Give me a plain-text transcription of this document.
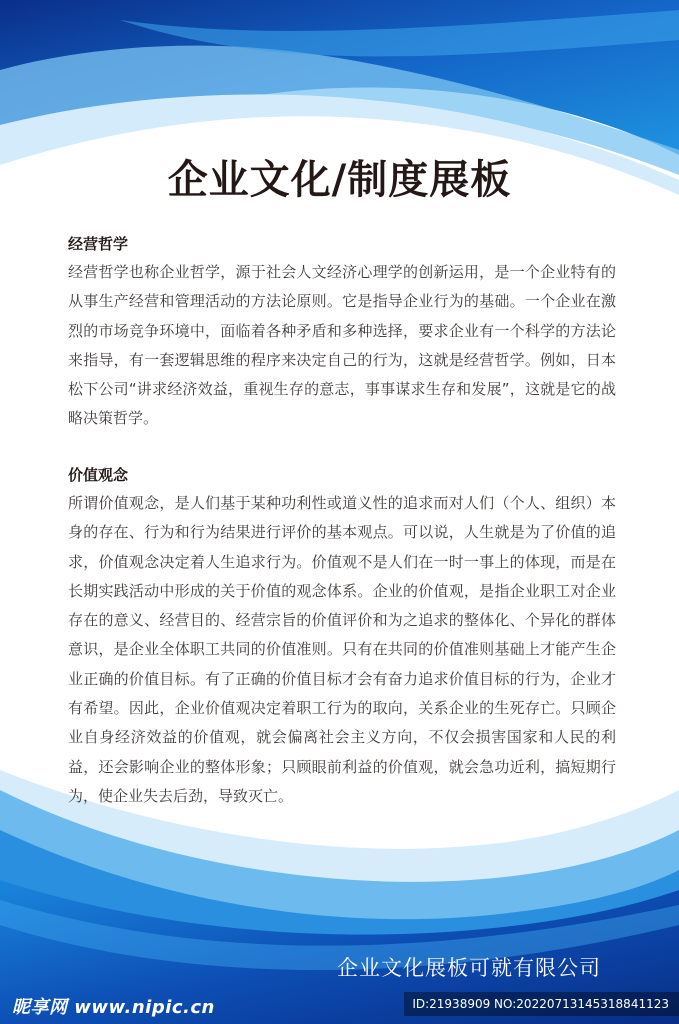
企业文化/制度展板
经营哲学

经营哲学也称企业哲学，源于社会人文经济心理学的创新运用，是一个企业特有的从事生产经营和管理活动的方法论原则。它是指导企业行为的基础。一个企业在激烈的市场竞争环境中，面临着各种矛盾和多种选择，要求企业有一个科学的方法论来指导，有一套逻辑思维的程序来决定自己的行为，这就是经营哲学。例如，日本松下公司“讲求经济效益，重视生存的意志，事事谋求生存和发展”，这就是它的战略决策哲学。

价值观念

所谓价值观念，是人们基于某种功利性或道义性的追求而对人们（个人、组织）本身的存在、行为和行为结果进行评价的基本观点。可以说，人生就是为了价值的追求，价值观念决定着人生追求行为。价值观不是人们在一时一事上的体现，而是在长期实践活动中形成的关于价值的观念体系。企业的价值观，是指企业职工对企业存在的意义、经营目的、经营宗旨的价值评价和为之追求的整体化、个异化的群体意识，是企业全体职工共同的价值准则。只有在共同的价值准则基础上才能产生企业正确的价值目标。有了正确的价值目标才会有奋力追求价值目标的行为，企业才有希望。因此，企业价值观决定着职工行为的取向，关系企业的生死存亡。只顾企业自身经济效益的价值观，就会偏离社会主义方向，不仅会损害国家和人民的利益，还会影响企业的整体形象；只顾眼前利益的价值观，就会急功近利，搞短期行为，使企业失去后劲，导致灭亡。

企业文化展板可就有限公司
昵享网 www.nipic.cn	ID:21938909 NO:20220713145318841123
